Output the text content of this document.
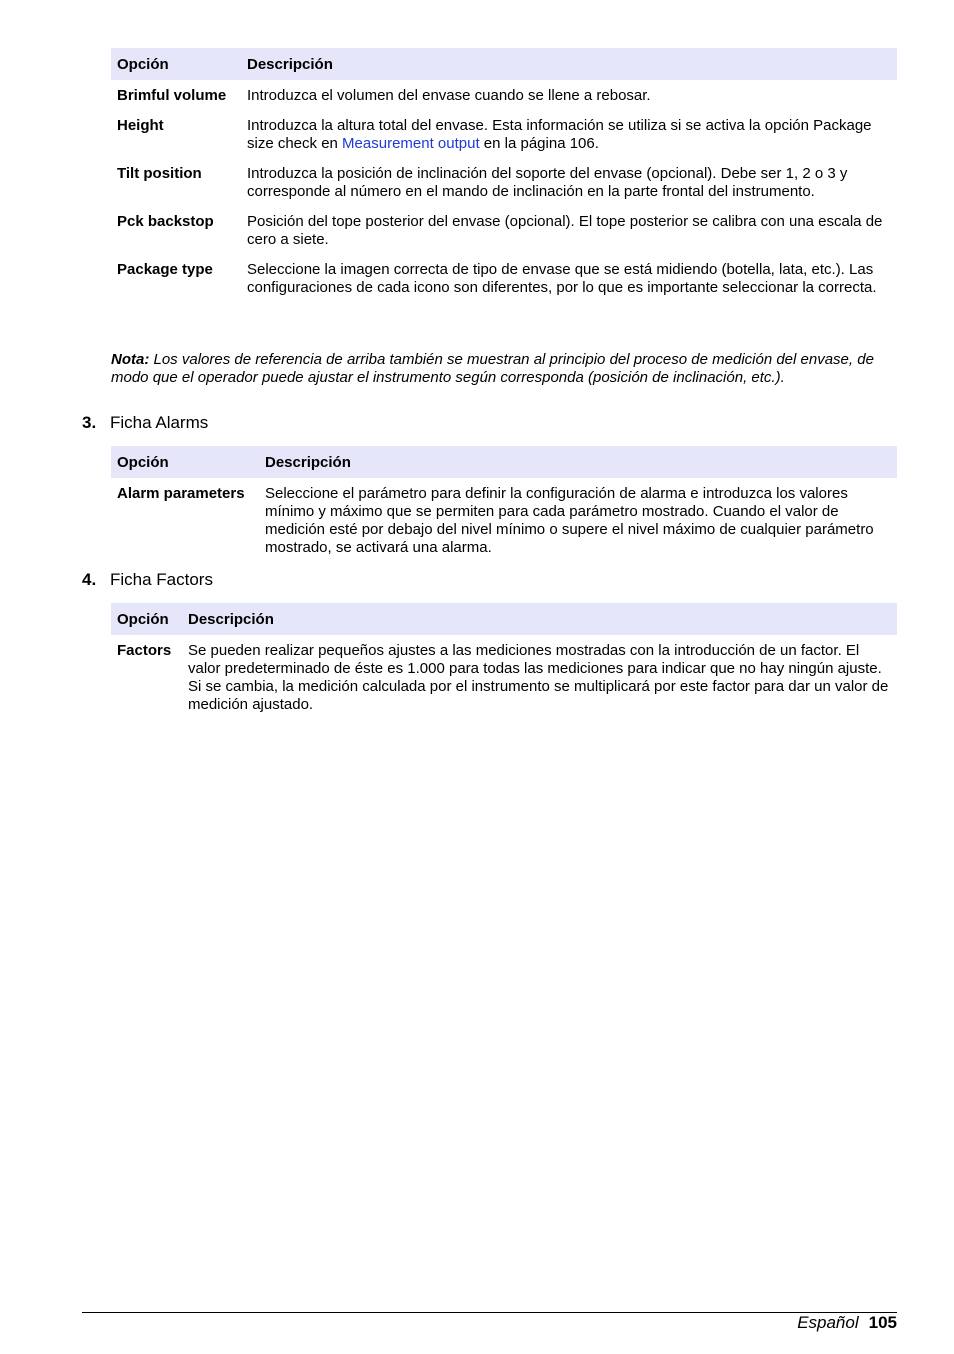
Opción	Descripción
Brimful volume	Introduzca el volumen del envase cuando se llene a rebosar.
Height	Introduzca la altura total del envase. Esta información se utiliza si se activa la opción Package size check en Measurement output en la página 106.
Tilt position	Introduzca la posición de inclinación del soporte del envase (opcional). Debe ser 1, 2 o 3 y corresponde al número en el mando de inclinación en la parte frontal del instrumento.
Pck backstop	Posición del tope posterior del envase (opcional). El tope posterior se calibra con una escala de cero a siete.
Package type	Seleccione la imagen correcta de tipo de envase que se está midiendo (botella, lata, etc.). Las configuraciones de cada icono son diferentes, por lo que es importante seleccionar la correcta.
Nota: Los valores de referencia de arriba también se muestran al principio del proceso de medición del envase, de modo que el operador puede ajustar el instrumento según corresponda (posición de inclinación, etc.).
3. Ficha Alarms
Opción	Descripción
Alarm parameters	Seleccione el parámetro para definir la configuración de alarma e introduzca los valores mínimo y máximo que se permiten para cada parámetro mostrado. Cuando el valor de medición esté por debajo del nivel mínimo o supere el nivel máximo de cualquier parámetro mostrado, se activará una alarma.
4. Ficha Factors
Opción	Descripción
Factors	Se pueden realizar pequeños ajustes a las mediciones mostradas con la introducción de un factor. El valor predeterminado de éste es 1.000 para todas las mediciones para indicar que no hay ningún ajuste. Si se cambia, la medición calculada por el instrumento se multiplicará por este factor para dar un valor de medición ajustado.
Español 105
